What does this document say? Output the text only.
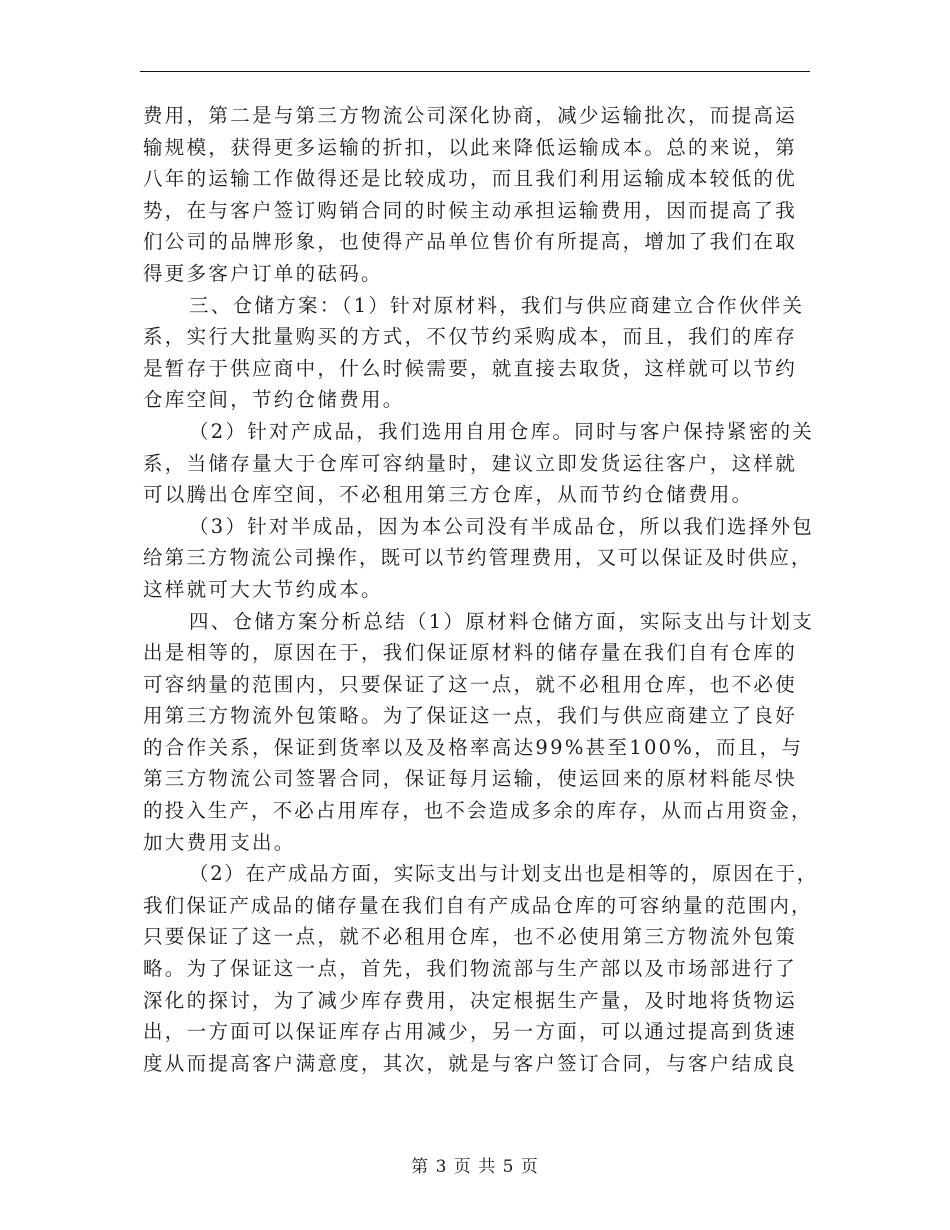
费用，第二是与第三方物流公司深化协商，减少运输批次，而提高运
输规模，获得更多运输的折扣，以此来降低运输成本。总的来说，第
八年的运输工作做得还是比较成功，而且我们利用运输成本较低的优
势，在与客户签订购销合同的时候主动承担运输费用，因而提高了我
们公司的品牌形象，也使得产品单位售价有所提高，增加了我们在取
得更多客户订单的砝码。
三、仓储方案：（1）针对原材料，我们与供应商建立合作伙伴关
系，实行大批量购买的方式，不仅节约采购成本，而且，我们的库存
是暂存于供应商中，什么时候需要，就直接去取货，这样就可以节约
仓库空间，节约仓储费用。
（2）针对产成品，我们选用自用仓库。同时与客户保持紧密的关
系，当储存量大于仓库可容纳量时，建议立即发货运往客户，这样就
可以腾出仓库空间，不必租用第三方仓库，从而节约仓储费用。
（3）针对半成品，因为本公司没有半成品仓，所以我们选择外包
给第三方物流公司操作，既可以节约管理费用，又可以保证及时供应，
这样就可大大节约成本。
四、仓储方案分析总结（1）原材料仓储方面，实际支出与计划支
出是相等的，原因在于，我们保证原材料的储存量在我们自有仓库的
可容纳量的范围内，只要保证了这一点，就不必租用仓库，也不必使
用第三方物流外包策略。为了保证这一点，我们与供应商建立了良好
的合作关系，保证到货率以及及格率高达99%甚至100%，而且，与
第三方物流公司签署合同，保证每月运输，使运回来的原材料能尽快
的投入生产，不必占用库存，也不会造成多余的库存，从而占用资金，
加大费用支出。
（2）在产成品方面，实际支出与计划支出也是相等的，原因在于，
我们保证产成品的储存量在我们自有产成品仓库的可容纳量的范围内，
只要保证了这一点，就不必租用仓库，也不必使用第三方物流外包策
略。为了保证这一点，首先，我们物流部与生产部以及市场部进行了
深化的探讨，为了减少库存费用，决定根据生产量，及时地将货物运
出，一方面可以保证库存占用减少，另一方面，可以通过提高到货速
度从而提高客户满意度，其次，就是与客户签订合同，与客户结成良
第 3 页 共 5 页
